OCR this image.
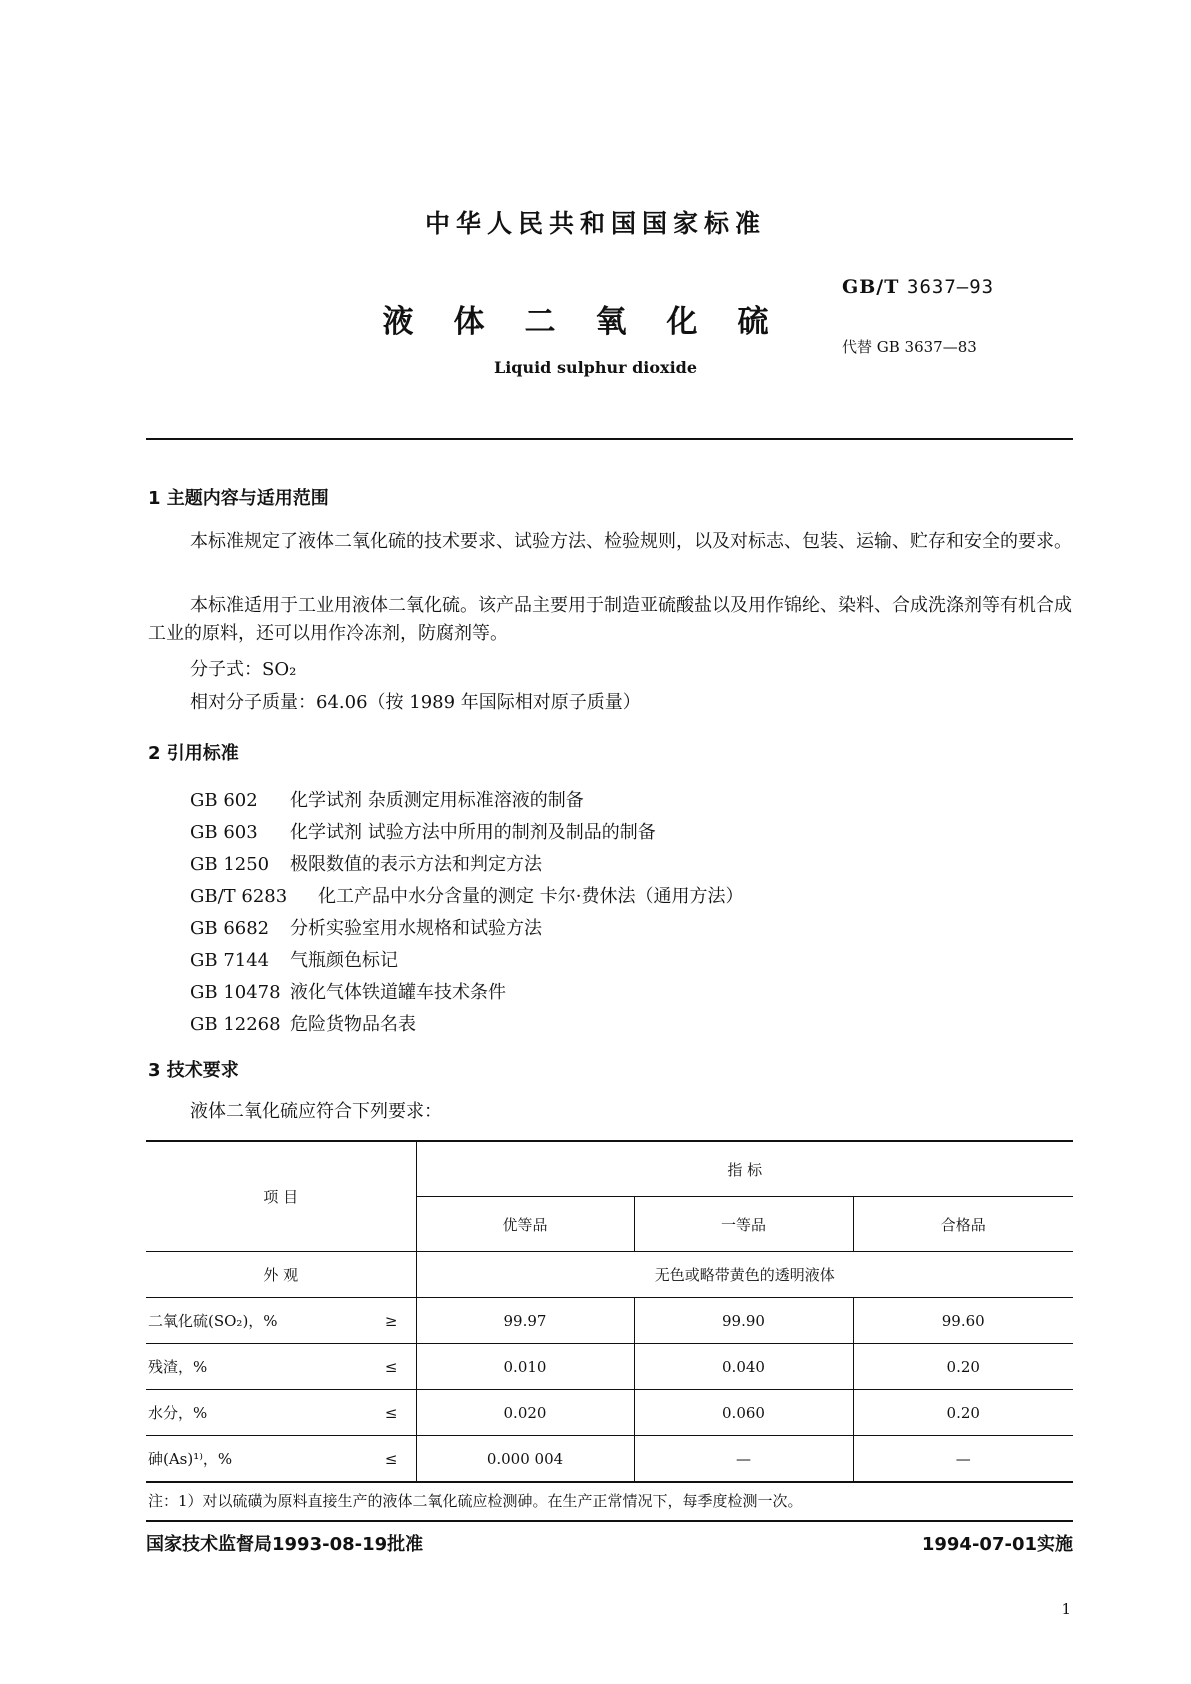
中华人民共和国国家标准
GB/T 3637—93
代替 GB 3637—83
液体二氧化硫
Liquid sulphur dioxide
1 主题内容与适用范围
本标准规定了液体二氧化硫的技术要求、试验方法、检验规则，以及对标志、包装、运输、贮存和安全的要求。
本标准适用于工业用液体二氧化硫。该产品主要用于制造亚硫酸盐以及用作锦纶、染料、合成洗涤剂等有机合成工业的原料，还可以用作冷冻剂，防腐剂等。
分子式：SO₂
相对分子质量：64.06（按 1989 年国际相对原子质量）
2 引用标准
GB 602 化学试剂 杂质测定用标准溶液的制备
GB 603 化学试剂 试验方法中所用的制剂及制品的制备
GB 1250 极限数值的表示方法和判定方法
GB/T 6283 化工产品中水分含量的测定 卡尔·费休法（通用方法）
GB 6682 分析实验室用水规格和试验方法
GB 7144 气瓶颜色标记
GB 10478 液化气体铁道罐车技术条件
GB 12268 危险货物品名表
3 技术要求
液体二氧化硫应符合下列要求：
项 目	指 标		
	优等品	一等品	合格品
外 观	无色或略带黄色的透明液体		

二氧化硫(SO₂)，% ≥	99.97	99.90	99.60

残渣，% ≤	0.010	0.040	0.20

水分，% ≤	0.020	0.060	0.20

砷(As)¹⁾，% ≤	0.000 004	—	—
注：1）对以硫磺为原料直接生产的液体二氧化硫应检测砷。在生产正常情况下，每季度检测一次。
国家技术监督局1993-08-19批准	1994-07-01实施
1
